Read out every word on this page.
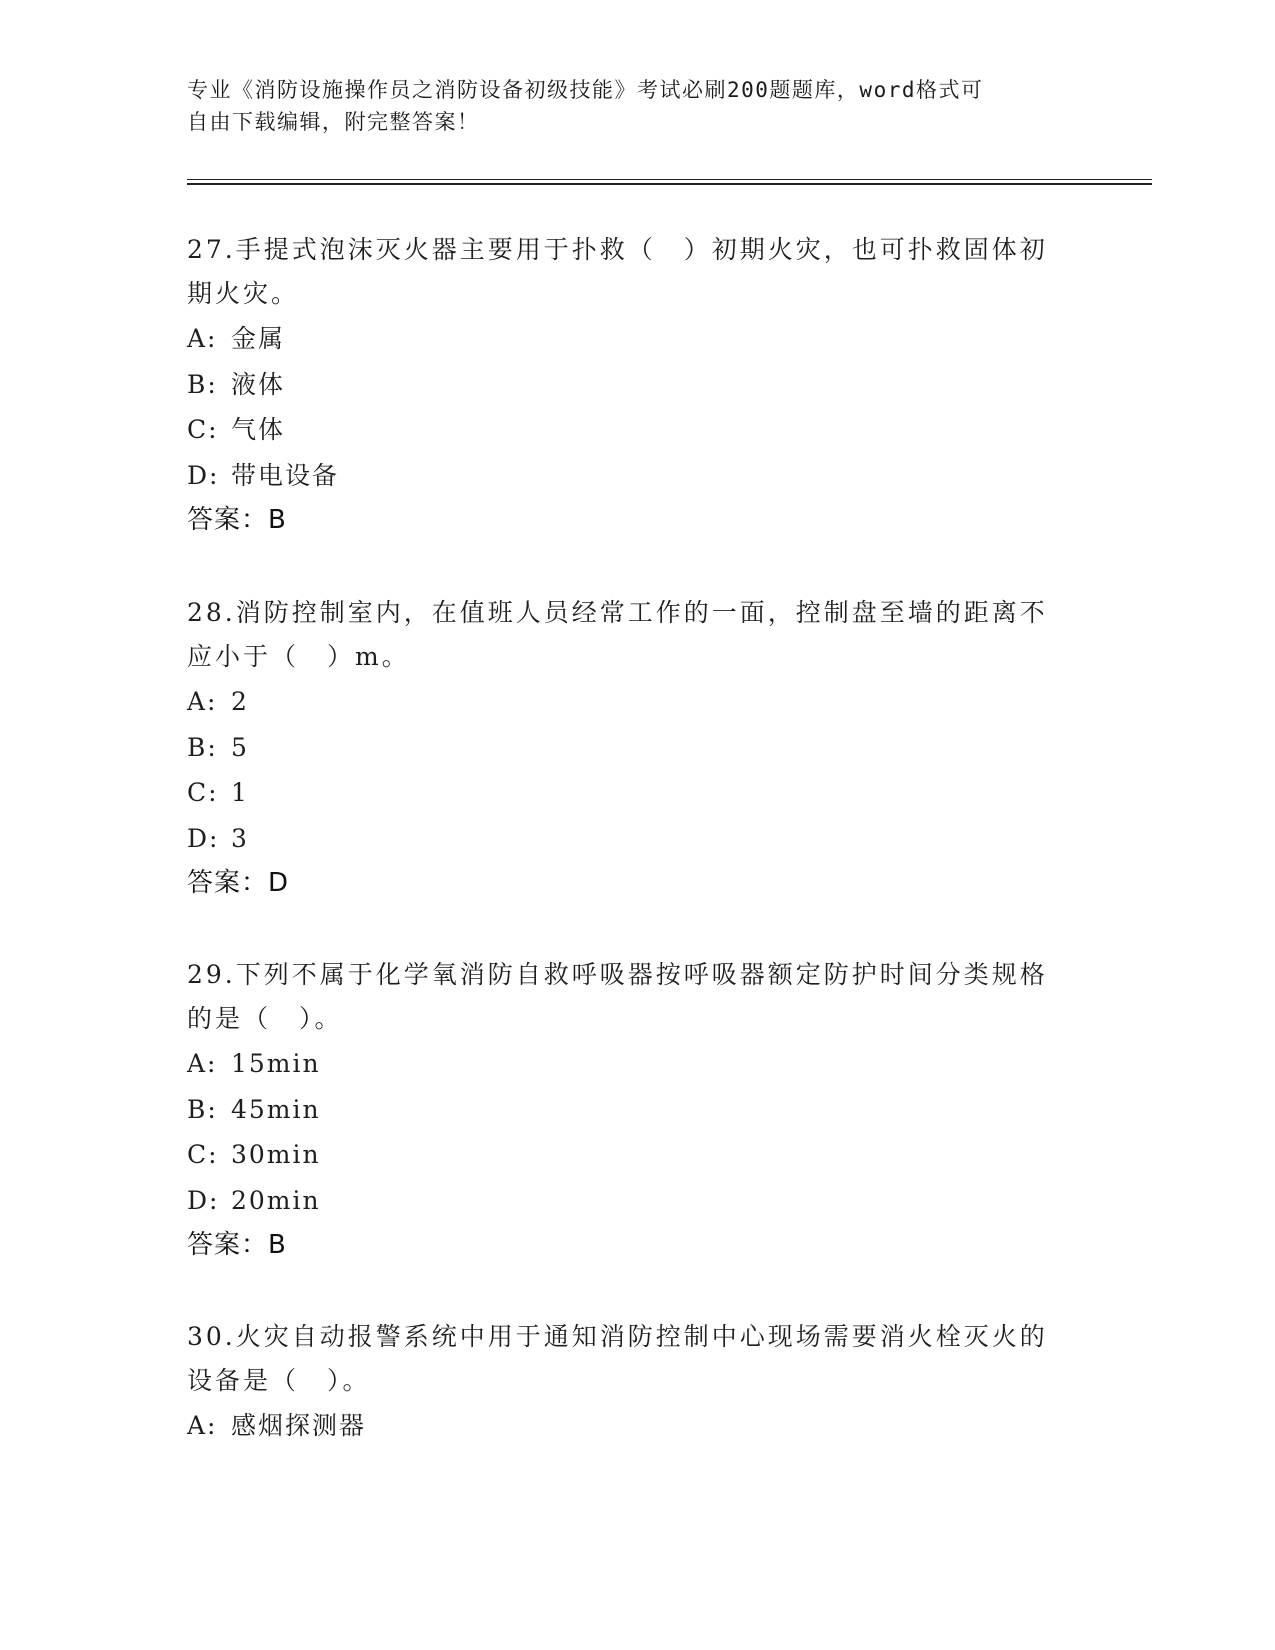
专业《消防设施操作员之消防设备初级技能》考试必刷200题题库，word格式可
自由下载编辑，附完整答案！
27.手提式泡沫灭火器主要用于扑救（　）初期火灾，也可扑救固体初
期火灾。
A: 金属
B: 液体
C: 气体
D: 带电设备
答案：B
28.消防控制室内，在值班人员经常工作的一面，控制盘至墙的距离不
应小于（　）m。
A: 2
B: 5
C: 1
D: 3
答案：D
29.下列不属于化学氧消防自救呼吸器按呼吸器额定防护时间分类规格
的是（　）。
A: 15min
B: 45min
C: 30min
D: 20min
答案：B
30.火灾自动报警系统中用于通知消防控制中心现场需要消火栓灭火的
设备是（　）。
A: 感烟探测器
